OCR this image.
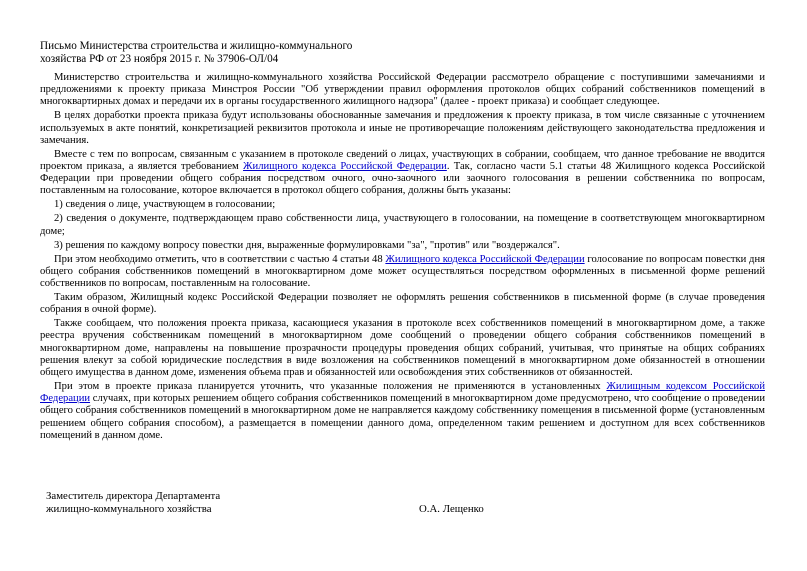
Письмо Министерства строительства и жилищно-коммунального
хозяйства РФ от 23 ноября 2015 г. № 37906-ОЛ/04

Министерство строительства и жилищно-коммунального хозяйства Российской Федерации рассмотрело обращение с поступившими замечаниями и предложениями к проекту приказа Минстроя России "Об утверждении правил оформления протоколов общих собраний собственников помещений в многоквартирных домах и передачи их в органы государственного жилищного надзора" (далее - проект приказа) и сообщает следующее.

В целях доработки проекта приказа будут использованы обоснованные замечания и предложения к проекту приказа, в том числе связанные с уточнением используемых в акте понятий, конкретизацией реквизитов протокола и иные не противоречащие положениям действующего законодательства предложения и замечания.

Вместе с тем по вопросам, связанным с указанием в протоколе сведений о лицах, участвующих в собрании, сообщаем, что данное требование не вводится проектом приказа, а является требованием Жилищного кодекса Российской Федерации. Так, согласно части 5.1 статьи 48 Жилищного кодекса Российской Федерации при проведении общего собрания посредством очного, очно-заочного или заочного голосования в решении собственника по вопросам, поставленным на голосование, которое включается в протокол общего собрания, должны быть указаны:

1) сведения о лице, участвующем в голосовании;

2) сведения о документе, подтверждающем право собственности лица, участвующего в голосовании, на помещение в соответствующем многоквартирном доме;

3) решения по каждому вопросу повестки дня, выраженные формулировками "за", "против" или "воздержался".

При этом необходимо отметить, что в соответствии с частью 4 статьи 48 Жилищного кодекса Российской Федерации голосование по вопросам повестки дня общего собрания собственников помещений в многоквартирном доме может осуществляться посредством оформленных в письменной форме решений собственников по вопросам, поставленным на голосование.

Таким образом, Жилищный кодекс Российской Федерации позволяет не оформлять решения собственников в письменной форме (в случае проведения собрания в очной форме).

Также сообщаем, что положения проекта приказа, касающиеся указания в протоколе всех собственников помещений в многоквартирном доме, а также реестра вручения собственникам помещений в многоквартирном доме сообщений о проведении общего собрания собственников помещений в многоквартирном доме, направлены на повышение прозрачности процедуры проведения общих собраний, учитывая, что принятые на общих собраниях решения влекут за собой юридические последствия в виде возложения на собственников помещений в многоквартирном доме обязанностей в отношении общего имущества в данном доме, изменения объема прав и обязанностей или освобождения этих собственников от обязанностей.

При этом в проекте приказа планируется уточнить, что указанные положения не применяются в установленных Жилищным кодексом Российской Федерации случаях, при которых решением общего собрания собственников помещений в многоквартирном доме предусмотрено, что сообщение о проведении общего собрания собственников помещений в многоквартирном доме не направляется каждому собственнику помещения в письменной форме (установленным решением общего собрания способом), а размещается в помещении данного дома, определенном таким решением и доступном для всех собственников помещений в данном доме.

Заместитель директора Департамента
жилищно-коммунального хозяйства	О.А. Лещенко
